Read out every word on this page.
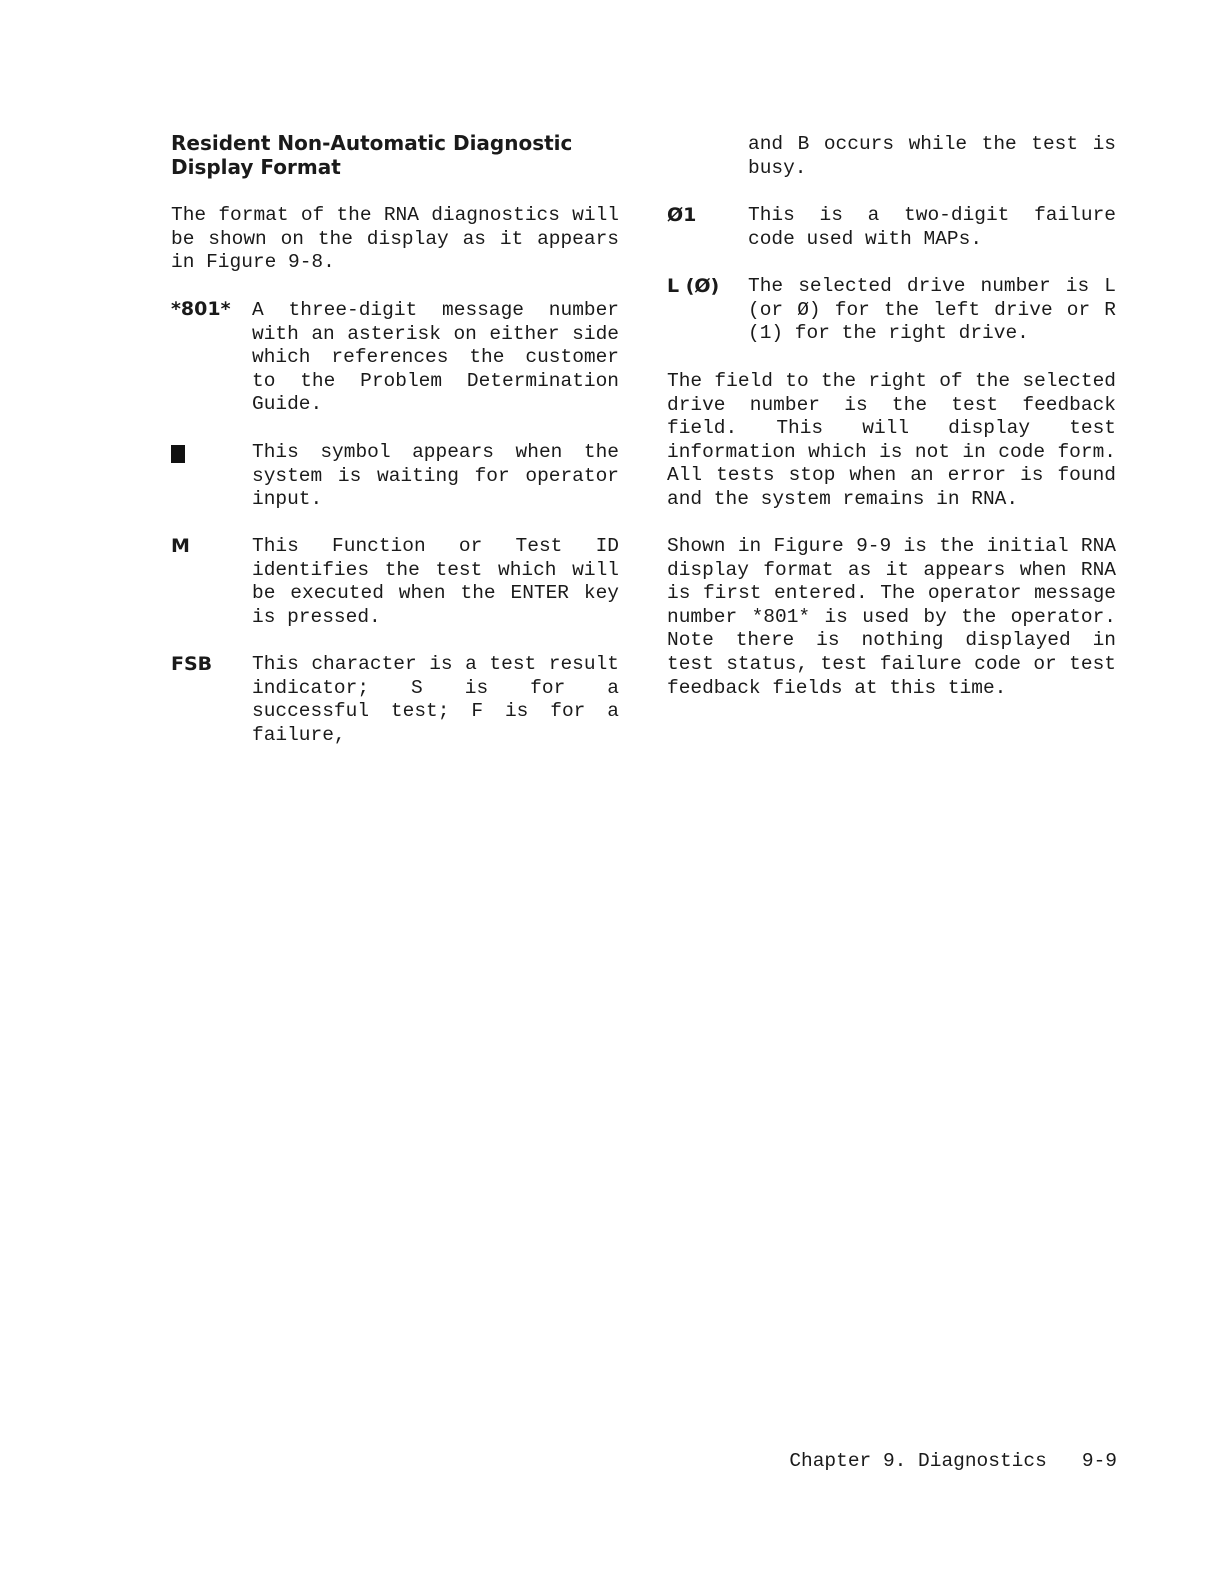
Resident Non-Automatic Diagnostic Display Format
The format of the RNA diagnostics will be shown on the display as it appears in Figure 9-8.
*801* A three-digit message number with an asterisk on either side which references the customer to the Problem Determination Guide.
This symbol appears when the system is waiting for operator input.
M	This Function or Test ID identifies the test which will be executed when the ENTER key is pressed.
FSB This character is a test result indicator; S is for a successful test; F is for a failure,
and B occurs while the test is busy.
Ø1	This is a two-digit failure code used with MAPs.
L (Ø) The selected drive number is L (or Ø) for the left drive or R (1) for the right drive.
The field to the right of the selected drive number is the test feedback field. This will display test information which is not in code form. All tests stop when an error is found and the system remains in RNA.
Shown in Figure 9-9 is the initial RNA display format as it appears when RNA is first entered. The operator message number *801* is used by the operator. Note there is nothing displayed in test status, test failure code or test feedback fields at this time.
Chapter 9. Diagnostics 9-9
